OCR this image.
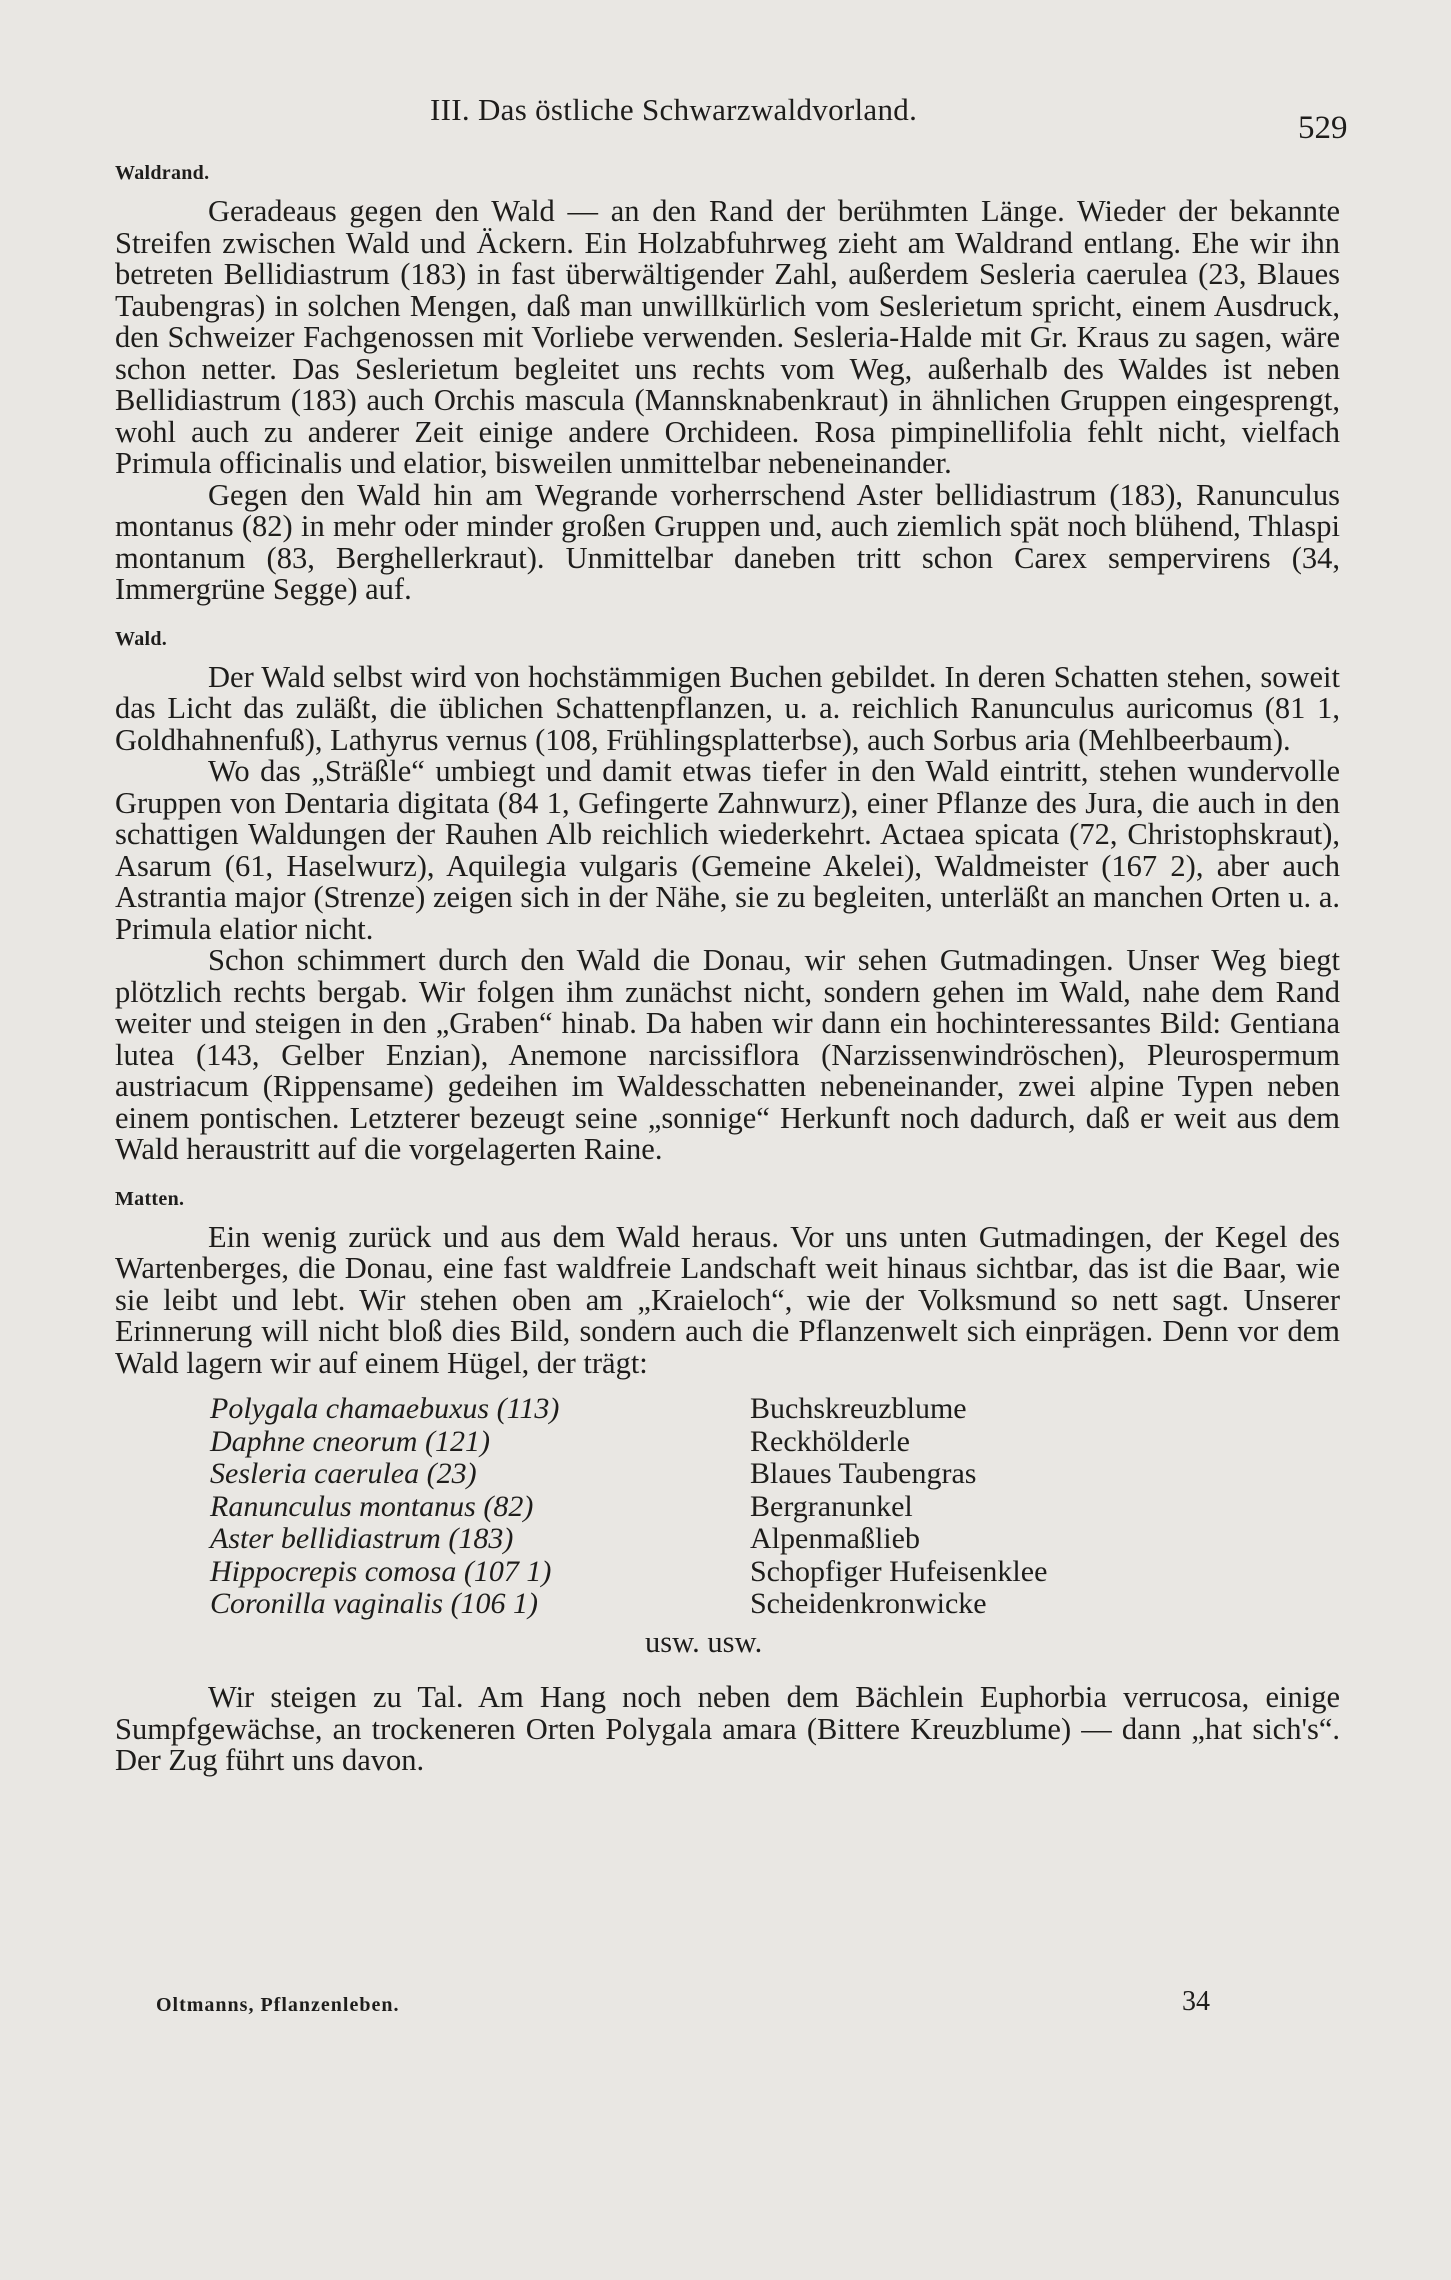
III. Das östliche Schwarzwaldvorland.
529
Waldrand.

Geradeaus gegen den Wald — an den Rand der berühmten Länge. Wieder der bekannte Streifen zwischen Wald und Äckern. Ein Holzabfuhrweg zieht am Waldrand entlang. Ehe wir ihn betreten Bellidiastrum (183) in fast überwältigender Zahl, außerdem Sesleria caerulea (23, Blaues Taubengras) in solchen Mengen, daß man unwillkürlich vom Seslerietum spricht, einem Ausdruck, den Schweizer Fachgenossen mit Vorliebe verwenden. Sesleria-Halde mit Gr. Kraus zu sagen, wäre schon netter. Das Seslerietum begleitet uns rechts vom Weg, außerhalb des Waldes ist neben Bellidiastrum (183) auch Orchis mascula (Mannsknabenkraut) in ähnlichen Gruppen eingesprengt, wohl auch zu anderer Zeit einige andere Orchideen. Rosa pimpinellifolia fehlt nicht, vielfach Primula officinalis und elatior, bisweilen unmittelbar nebeneinander.

Gegen den Wald hin am Wegrande vorherrschend Aster bellidiastrum (183), Ranunculus montanus (82) in mehr oder minder großen Gruppen und, auch ziemlich spät noch blühend, Thlaspi montanum (83, Berghellerkraut). Unmittelbar daneben tritt schon Carex sempervirens (34, Immergrüne Segge) auf.

Wald.

Der Wald selbst wird von hochstämmigen Buchen gebildet. In deren Schatten stehen, soweit das Licht das zuläßt, die üblichen Schattenpflanzen, u. a. reichlich Ranunculus auricomus (81 1, Goldhahnenfuß), Lathyrus vernus (108, Frühlingsplatterbse), auch Sorbus aria (Mehlbeerbaum).

Wo das „Sträßle“ umbiegt und damit etwas tiefer in den Wald eintritt, stehen wundervolle Gruppen von Dentaria digitata (84 1, Gefingerte Zahnwurz), einer Pflanze des Jura, die auch in den schattigen Waldungen der Rauhen Alb reichlich wiederkehrt. Actaea spicata (72, Christophskraut), Asarum (61, Haselwurz), Aquilegia vulgaris (Gemeine Akelei), Waldmeister (167 2), aber auch Astrantia major (Strenze) zeigen sich in der Nähe, sie zu begleiten, unterläßt an manchen Orten u. a. Primula elatior nicht.

Schon schimmert durch den Wald die Donau, wir sehen Gutmadingen. Unser Weg biegt plötzlich rechts bergab. Wir folgen ihm zunächst nicht, sondern gehen im Wald, nahe dem Rand weiter und steigen in den „Graben“ hinab. Da haben wir dann ein hochinteressantes Bild: Gentiana lutea (143, Gelber Enzian), Anemone narcissiflora (Narzissenwindröschen), Pleurospermum austriacum (Rippensame) gedeihen im Waldesschatten nebeneinander, zwei alpine Typen neben einem pontischen. Letzterer bezeugt seine „sonnige“ Herkunft noch dadurch, daß er weit aus dem Wald heraustritt auf die vorgelagerten Raine.

Matten.

Ein wenig zurück und aus dem Wald heraus. Vor uns unten Gutmadingen, der Kegel des Wartenberges, die Donau, eine fast waldfreie Landschaft weit hinaus sichtbar, das ist die Baar, wie sie leibt und lebt. Wir stehen oben am „Kraieloch“, wie der Volksmund so nett sagt. Unserer Erinnerung will nicht bloß dies Bild, sondern auch die Pflanzenwelt sich einprägen. Denn vor dem Wald lagern wir auf einem Hügel, der trägt:

Polygala chamaebuxus (113)	Buchskreuzblume
Daphne cneorum (121)	Reckhölderle
Sesleria caerulea (23)	Blaues Taubengras
Ranunculus montanus (82)	Bergranunkel
Aster bellidiastrum (183)	Alpenmaßlieb
Hippocrepis comosa (107 1)	Schopfiger Hufeisenklee
Coronilla vaginalis (106 1)	Scheidenkronwicke
usw. usw.

Wir steigen zu Tal. Am Hang noch neben dem Bächlein Euphorbia verrucosa, einige Sumpfgewächse, an trockeneren Orten Polygala amara (Bittere Kreuzblume) — dann „hat sich's“. Der Zug führt uns davon.

Oltmanns, Pflanzenleben.	34
